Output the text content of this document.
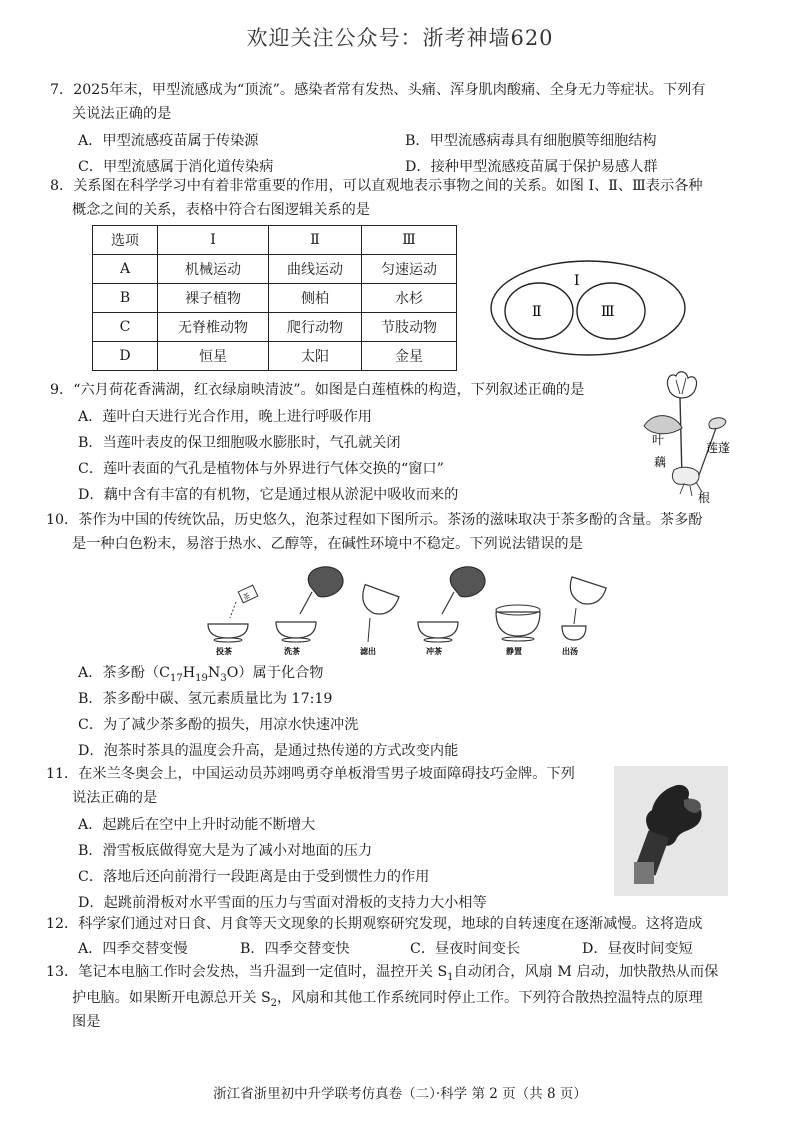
欢迎关注公众号：浙考神墙620
7．2025年末，甲型流感成为“顶流”。感染者常有发热、头痛、浑身肌肉酸痛、全身无力等症状。下列有
关说法正确的是
A．甲型流感疫苗属于传染源	B．甲型流感病毒具有细胞膜等细胞结构
C．甲型流感属于消化道传染病	D．接种甲型流感疫苗属于保护易感人群
8．关系图在科学学习中有着非常重要的作用，可以直观地表示事物之间的关系。如图 Ⅰ、Ⅱ、Ⅲ表示各种
概念之间的关系，表格中符合右图逻辑关系的是
选项	Ⅰ	Ⅱ	Ⅲ
A	机械运动	曲线运动	匀速运动
B	裸子植物	侧柏	水杉
C	无脊椎动物	爬行动物	节肢动物
D	恒星	太阳	金星
Ⅰ
Ⅱ	Ⅲ
9．“六月荷花香满湖，红衣绿扇映清波”。如图是白莲植株的构造，下列叙述正确的是
A．莲叶白天进行光合作用，晚上进行呼吸作用
B．当莲叶表皮的保卫细胞吸水膨胀时，气孔就关闭
C．莲叶表面的气孔是植物体与外界进行气体交换的“窗口”
D．藕中含有丰富的有机物，它是通过根从淤泥中吸收而来的
叶
藕
莲蓬
根
10．茶作为中国的传统饮品，历史悠久，泡茶过程如下图所示。茶汤的滋味取决于茶多酚的含量。茶多酚
是一种白色粉末，易溶于热水、乙醇等，在碱性环境中不稳定。下列说法错误的是
茶
投茶	洗茶	滤出	冲茶	静置	出汤
A．茶多酚$(C_{17}H_{19}N_3O)$属于化合物
B．茶多酚中碳、氢元素质量比为 17:19
C．为了减少茶多酚的损失，用凉水快速冲洗
D．泡茶时茶具的温度会升高，是通过热传递的方式改变内能
11．在米兰冬奥会上，中国运动员苏翊鸣勇夺单板滑雪男子坡面障碍技巧金牌。下列
说法正确的是
A．起跳后在空中上升时动能不断增大
B．滑雪板底做得宽大是为了减小对地面的压力
C．落地后还向前滑行一段距离是由于受到惯性力的作用
D．起跳前滑板对水平雪面的压力与雪面对滑板的支持力大小相等
12．科学家们通过对日食、月食等天文现象的长期观察研究发现，地球的自转速度在逐渐减慢。这将造成
A．四季交替变慢	B．四季交替变快	C．昼夜时间变长	D．昼夜时间变短
13．笔记本电脑工作时会发热，当升温到一定值时，温控开关 $S_1$自动闭合，风扇 M 启动，加快散热从而保
护电脑。如果断开电源总开关 $S_2$，风扇和其他工作系统同时停止工作。下列符合散热控温特点的原理
图是
浙江省浙里初中升学联考仿真卷（二）·科学 第 2 页（共 8 页）
